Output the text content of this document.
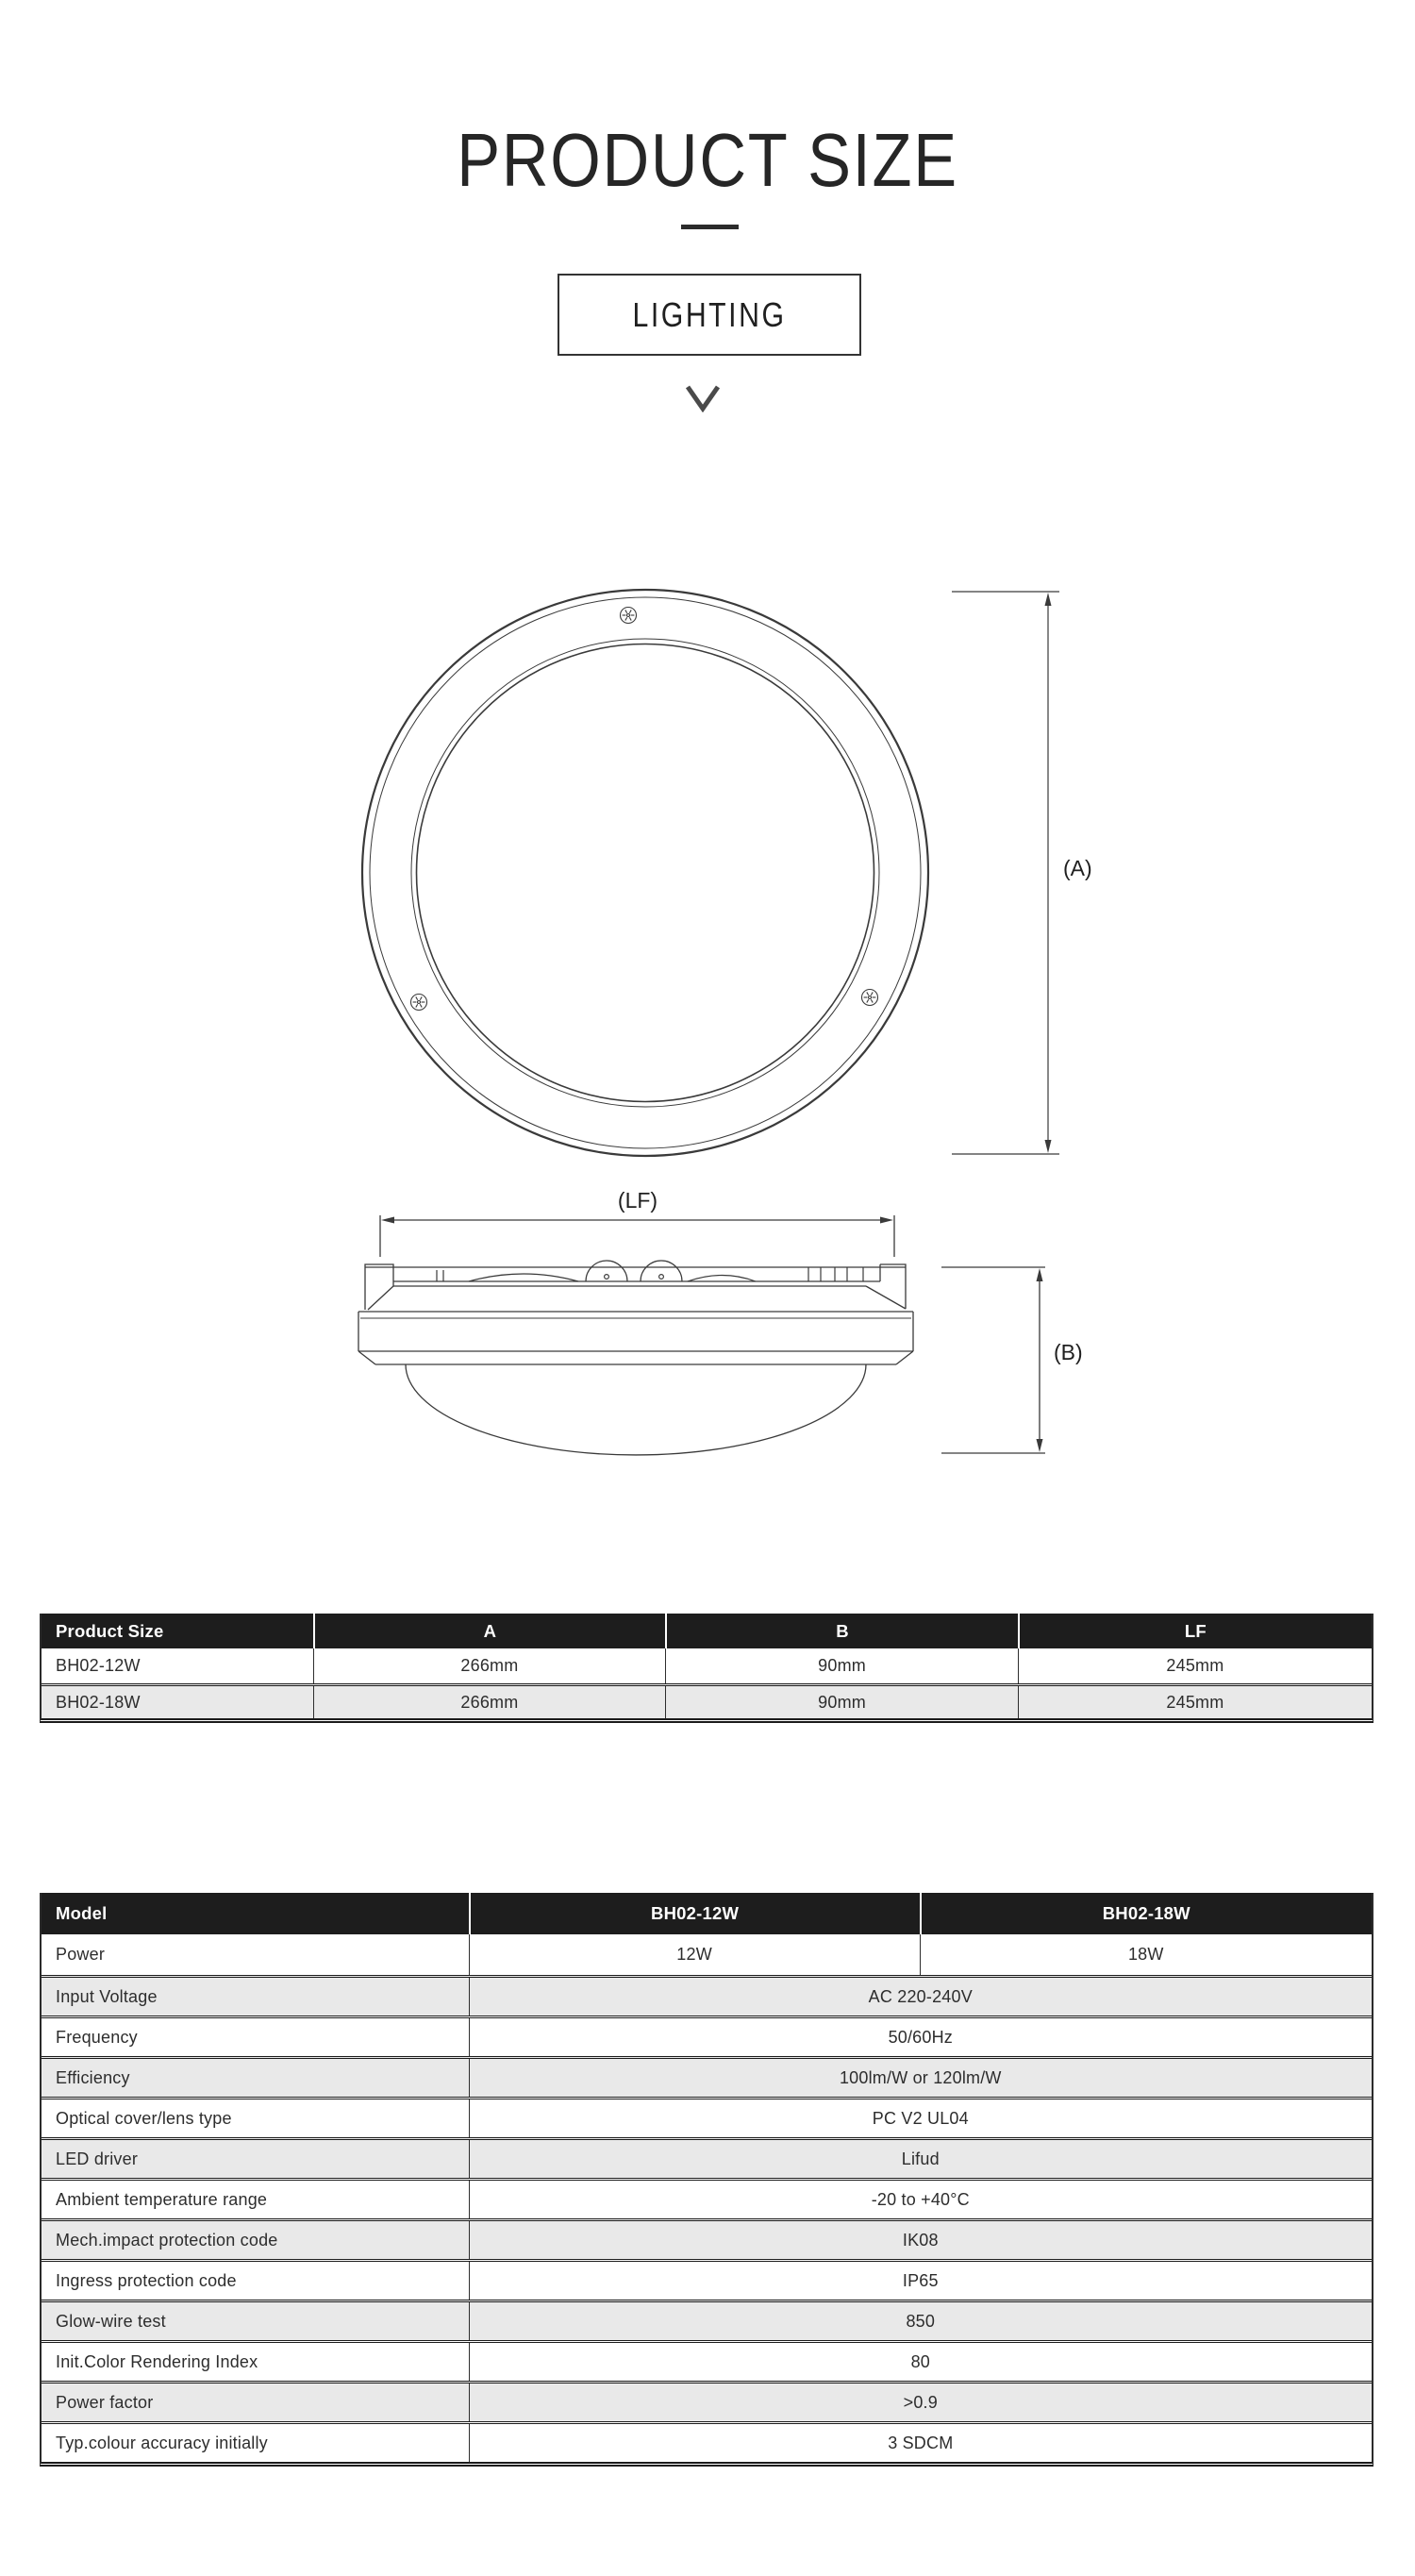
PRODUCT SIZE
LIGHTING
(A)
(LF)
(B)
Product Size	A	B	LF
BH02-12W	266mm	90mm	245mm
BH02-18W	266mm	90mm	245mm
Model	BH02-12W	BH02-18W
Power	12W	18W
Input Voltage	AC 220-240V
Frequency	50/60Hz
Efficiency	100lm/W or 120lm/W
Optical cover/lens type	PC V2 UL04
LED driver	Lifud
Ambient temperature range	-20 to +40°C
Mech.impact protection code	IK08
Ingress protection code	IP65
Glow-wire test	850
Init.Color Rendering Index	80
Power factor	>0.9
Typ.colour accuracy initially	3 SDCM
